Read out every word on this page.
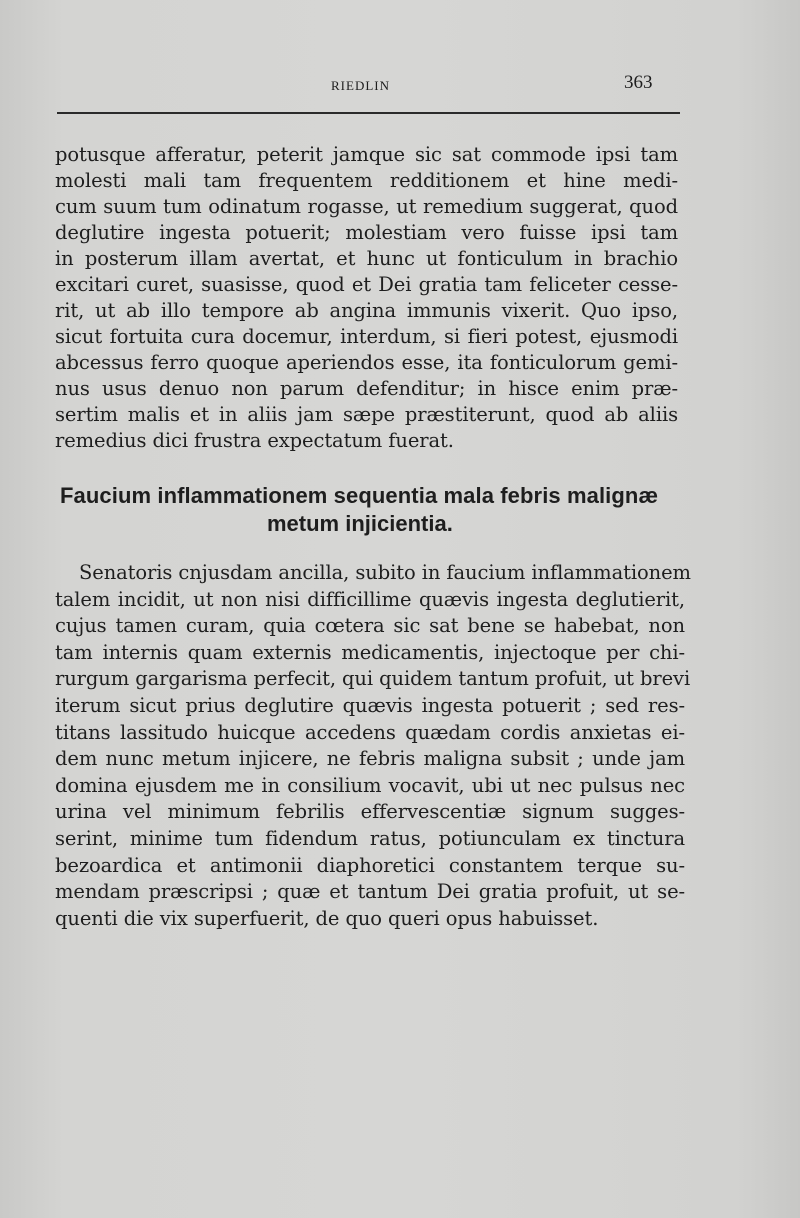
RIEDLIN	363
potusque afferatur, peterit jamque sic sat commode ipsi tam
molesti mali tam frequentem redditionem et hine medi-
cum suum tum odinatum rogasse, ut remedium suggerat, quod
deglutire ingesta potuerit; molestiam vero fuisse ipsi tam
in posterum illam avertat, et hunc ut fonticulum in brachio
excitari curet, suasisse, quod et Dei gratia tam feliceter cesse-
rit, ut ab illo tempore ab angina immunis vixerit. Quo ipso,
sicut fortuita cura docemur, interdum, si fieri potest, ejusmodi
abcessus ferro quoque aperiendos esse, ita fonticulorum gemi-
nus usus denuo non parum defenditur; in hisce enim præ-
sertim malis et in aliis jam sæpe præstiterunt, quod ab aliis
remedius dici frustra expectatum fuerat.
Faucium inflammationem sequentia mala febris malignæ
metum injicientia.
Senatoris cnjusdam ancilla, subito in faucium inflammationem
talem incidit, ut non nisi difficillime quævis ingesta deglutierit,
cujus tamen curam, quia cœtera sic sat bene se habebat, non
tam internis quam externis medicamentis, injectoque per chi-
rurgum gargarisma perfecit, qui quidem tantum profuit, ut brevi
iterum sicut prius deglutire quævis ingesta potuerit ; sed res-
titans lassitudo huicque accedens quædam cordis anxietas ei-
dem nunc metum injicere, ne febris maligna subsit ; unde jam
domina ejusdem me in consilium vocavit, ubi ut nec pulsus nec
urina vel minimum febrilis effervescentiæ signum sugges-
serint, minime tum fidendum ratus, potiunculam ex tinctura
bezoardica et antimonii diaphoretici constantem terque su-
mendam præscripsi ; quæ et tantum Dei gratia profuit, ut se-
quenti die vix superfuerit, de quo queri opus habuisset.
